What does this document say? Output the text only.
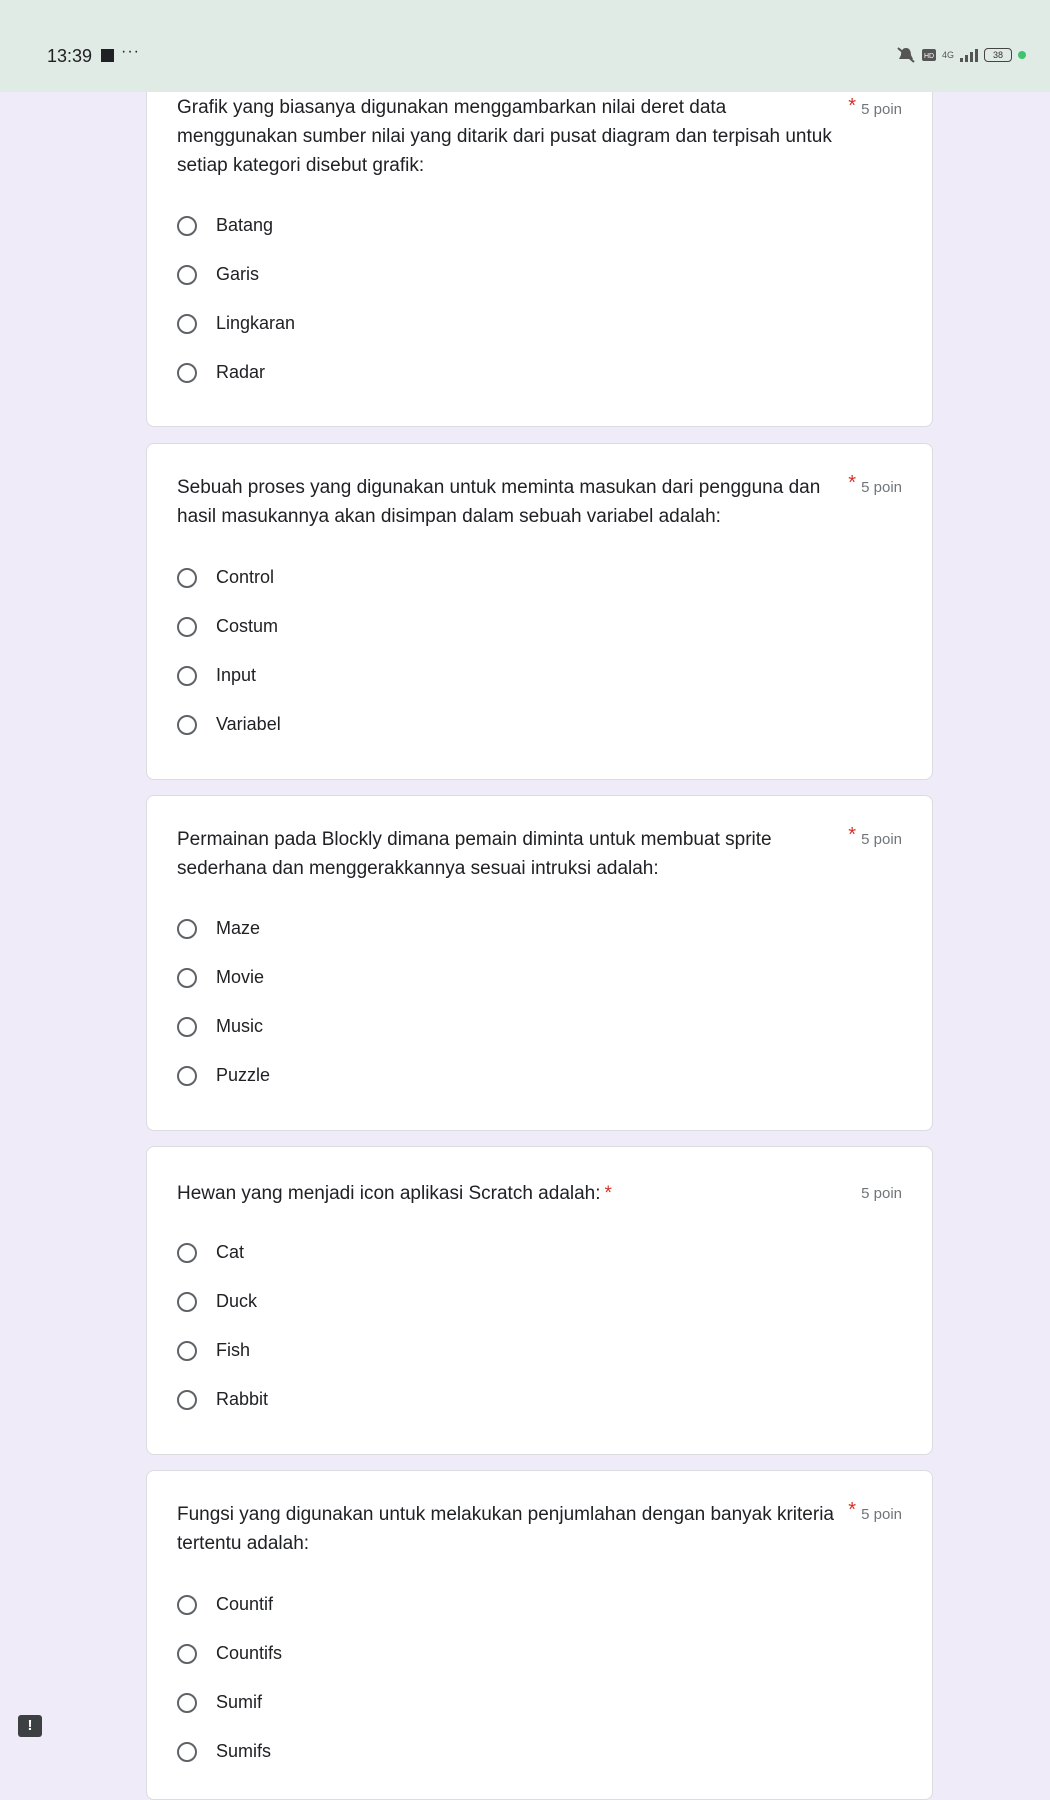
13:39 ···	HD 4G	38
Grafik yang biasanya digunakan menggambarkan nilai deret data menggunakan sumber nilai yang ditarik dari pusat diagram dan terpisah untuk setiap kategori disebut grafik:
* 5 poin
Batang
Garis
Lingkaran
Radar
Sebuah proses yang digunakan untuk meminta masukan dari pengguna dan hasil masukannya akan disimpan dalam sebuah variabel adalah:
* 5 poin
Control
Costum
Input
Variabel
Permainan pada Blockly dimana pemain diminta untuk membuat sprite sederhana dan menggerakkannya sesuai intruksi adalah:
* 5 poin
Maze
Movie
Music
Puzzle
Hewan yang menjadi icon aplikasi Scratch adalah: *	5 poin
Cat
Duck
Fish
Rabbit
Fungsi yang digunakan untuk melakukan penjumlahan dengan banyak kriteria tertentu adalah:
* 5 poin
Countif
Countifs
Sumif
Sumifs
!
